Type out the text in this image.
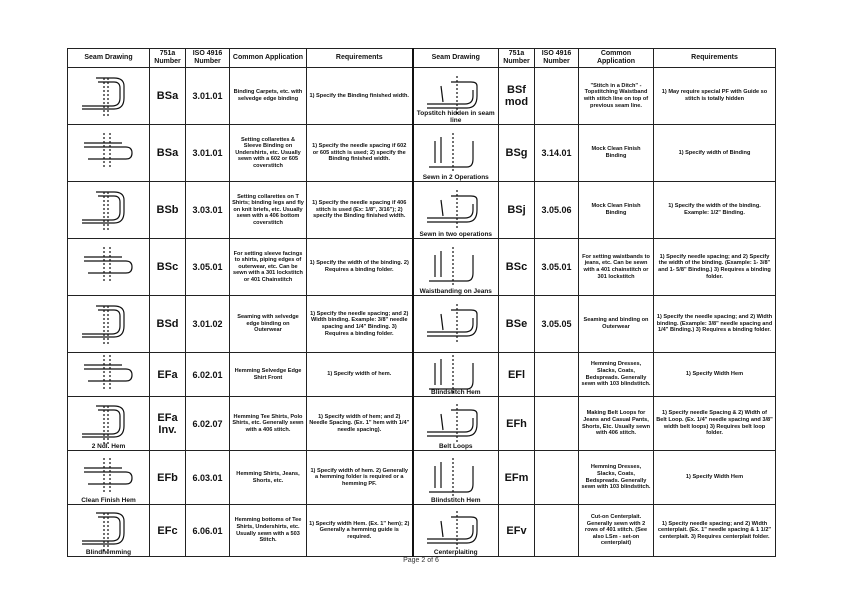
Seam Drawing	751a Number	ISO 4916 Number	Common Application	Requirements	Seam Drawing	751a Number	ISO 4916 Number	Common Application	Requirements

	BSa	3.01.01	Binding Carpets, etc. with selvedge edge binding	1) Specify the Binding finished width.	Topstitch hidden in seam line	BSf mod		"Stitch in a Ditch" - Topstitching Waistband with stitch line on top of previous seam line.	1) May require special PF with Guide so stitch is totally hidden

	BSa	3.01.01	Setting collarettes & Sleeve Binding on Undershirts, etc. Usually sewn with a 602 or 605 coverstitch	1) Specify the needle spacing if 602 or 605 stitch is used; 2) specify the Binding finished width.	Sewn in 2 Operations	BSg	3.14.01	Mock Clean Finish Binding	1) Specify width of Binding

	BSb	3.03.01	Setting collarettes on T Shirts; binding legs and fly on knit briefs, etc. Usually sewn with a 406 bottom coverstitch	1) Specify the needle spacing if 406 stitch is used (Ex: 1/8", 3/16"); 2) specify the Binding finished width.	Sewn in two operations	BSj	3.05.06	Mock Clean Finish Binding	1) Specify the width of the binding. Example: 1/2" Binding.

	BSc	3.05.01	For setting sleeve facings to shirts, piping edges of outerwear, etc. Can be sewn with a 301 lockstitch or 401 Chainstitch	1) Specify the width of the binding. 2) Requires a binding folder.	Waistbanding on Jeans	BSc	3.05.01	For setting waistbands to jeans, etc. Can be sewn with a 401 chainstitch or 301 lockstitch	1) Specify needle spacing; and 2) Specify the width of the binding. (Example: 1- 3/8" and 1- 5/8" Binding.) 3) Requires a binding folder.

	BSd	3.01.02	Seaming with selvedge edge binding on Outerwear	1) Specify the needle spacing; and 2) Width binding. Example: 3/8" needle spacing and 1/4" Binding. 3) Requires a binding folder.		BSe	3.05.05	Seaming and binding on Outerwear	1) Specify the needle spacing; and 2) Width binding. (Example: 3/8" needle spacing and 1/4" Binding.) 3) Requires a binding folder.

	EFa	6.02.01	Hemming Selvedge Edge Shirt Front	1) Specify width of hem.	Blindstitch Hem	EFl		Hemming Dresses, Slacks, Coats, Bedspreads. Generally sewn with 103 blindstitch.	1) Specify Width Hem

2 Ndl. Hem	EFa Inv.	6.02.07	Hemming Tee Shirts, Polo Shirts, etc. Generally sewn with a 406 stitch.	1) Specify width of hem; and 2) Needle Spacing. (Ex. 1" hem with 1/4" needle spacing).	Belt Loops	EFh		Making Belt Loops for Jeans and Casual Pants, Shorts, Etc. Usually sewn with 406 stitch.	1) Specify needle Spacing & 2) Width of Belt Loop. (Ex. 1/4" needle spacing and 3/8" width belt loops) 3) Requires belt loop folder.

Clean Finish Hem	EFb	6.03.01	Hemming Shirts, Jeans, Shorts, etc.	1) Specify width of hem. 2) Generally a hemming folder is required or a hemming PF.	Blindstitch Hem	EFm		Hemming Dresses, Slacks, Coats, Bedspreads. Generally sewn with 103 blindstitch.	1) Specify Width Hem

Blindhemming	EFc	6.06.01	Hemming bottoms of Tee Shirts, Undershirts, etc. Usually sewn with a 503 Stitch.	1) Specify width Hem. (Ex. 1" hem); 2) Generally a hemming guide is required.	Centerplaiting	EFv		Cut-on Centerplait. Generally sewn with 2 rows of 401 stitch. (See also LSm - set-on centerplait)	1) Specity needle spacing; and 2) Width centerplait. (Ex. 1" needle spacing & 1 1/2" centerplait. 3) Requires centerplait folder.
Page 2 of 6
